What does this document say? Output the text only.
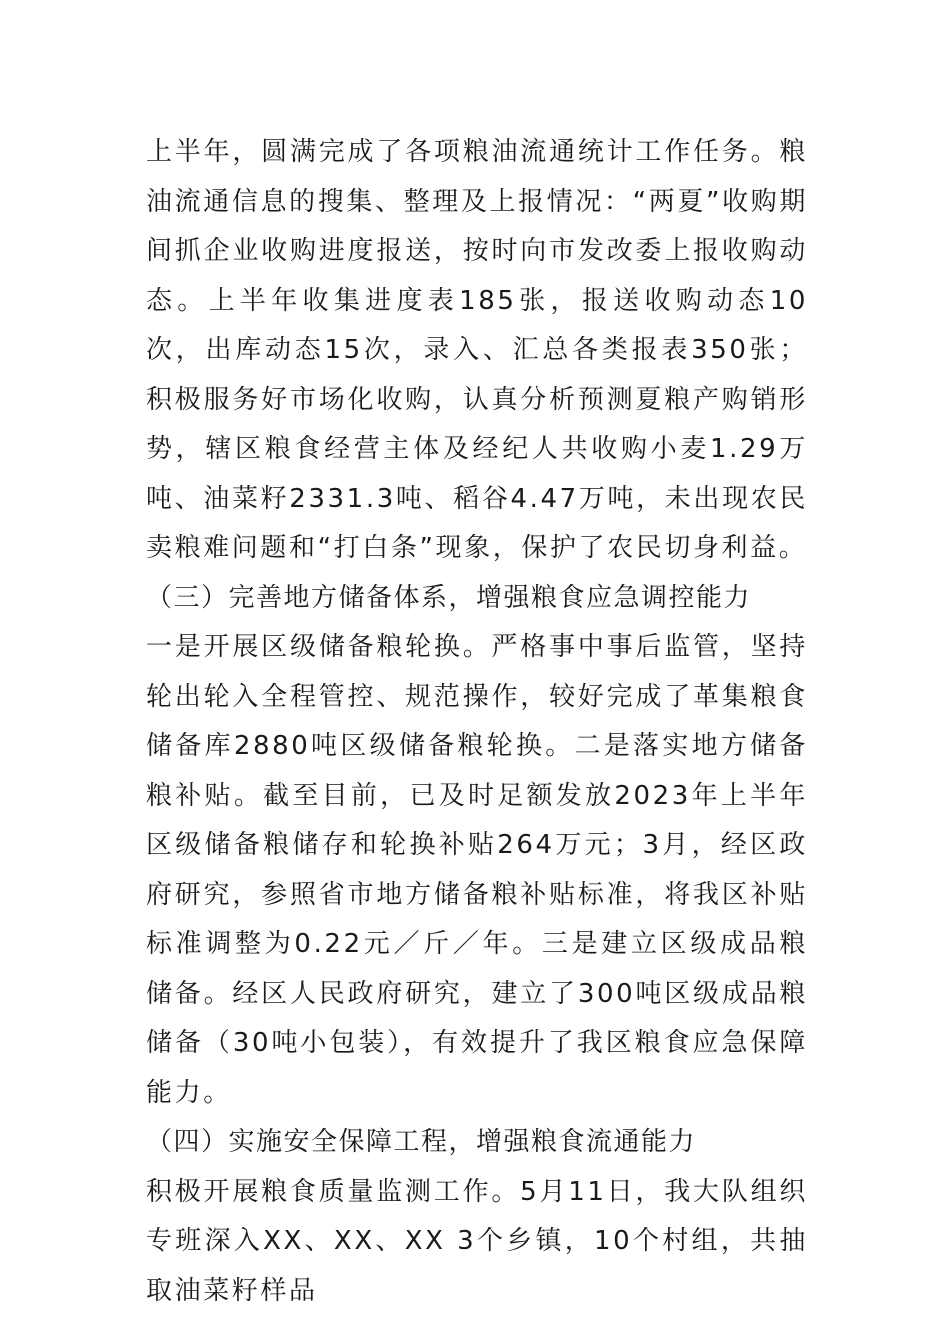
上半年，圆满完成了各项粮油流通统计工作任务。粮油流通信息的搜集、整理及上报情况：“两夏”收购期间抓企业收购进度报送，按时向市发改委上报收购动态。上半年收集进度表185张，报送收购动态10次，出库动态15次，录入、汇总各类报表350张；积极服务好市场化收购，认真分析预测夏粮产购销形势，辖区粮食经营主体及经纪人共收购小麦1.29万吨、油菜籽2331.3吨、稻谷4.47万吨，未出现农民卖粮难问题和“打白条”现象，保护了农民切身利益。

（三）完善地方储备体系，增强粮食应急调控能力

一是开展区级储备粮轮换。严格事中事后监管，坚持轮出轮入全程管控、规范操作，较好完成了革集粮食储备库2880吨区级储备粮轮换。二是落实地方储备粮补贴。截至目前，已及时足额发放2023年上半年区级储备粮储存和轮换补贴264万元；3月，经区政府研究，参照省市地方储备粮补贴标准，将我区补贴标准调整为0.22元／斤／年。三是建立区级成品粮储备。经区人民政府研究，建立了300吨区级成品粮储备（30吨小包装），有效提升了我区粮食应急保障能力。

（四）实施安全保障工程，增强粮食流通能力

积极开展粮食质量监测工作。5月11日，我大队组织专班深入XX、XX、XX 3个乡镇，10个村组，共抽取油菜籽样品
